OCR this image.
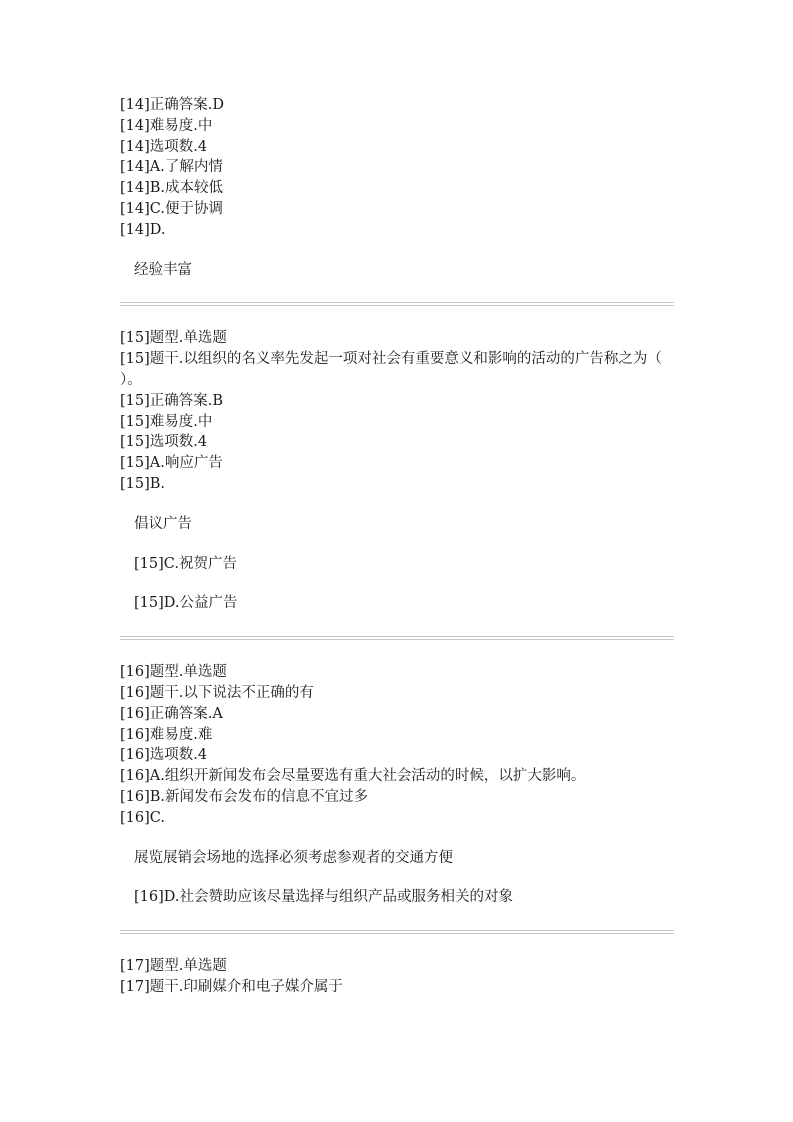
[14]正确答案.D
[14]难易度.中
[14]选项数.4
[14]A.了解内情
[14]B.成本较低
[14]C.便于协调
[14]D.
经验丰富
[15]题型.单选题
[15]题干.以组织的名义率先发起一项对社会有重要意义和影响的活动的广告称之为（ ）。
[15]正确答案.B
[15]难易度.中
[15]选项数.4
[15]A.响应广告
[15]B.
倡议广告
[15]C.祝贺广告
[15]D.公益广告
[16]题型.单选题
[16]题干.以下说法不正确的有
[16]正确答案.A
[16]难易度.难
[16]选项数.4
[16]A.组织开新闻发布会尽量要选有重大社会活动的时候，以扩大影响。
[16]B.新闻发布会发布的信息不宜过多
[16]C.
展览展销会场地的选择必须考虑参观者的交通方便
[16]D.社会赞助应该尽量选择与组织产品或服务相关的对象
[17]题型.单选题
[17]题干.印刷媒介和电子媒介属于
